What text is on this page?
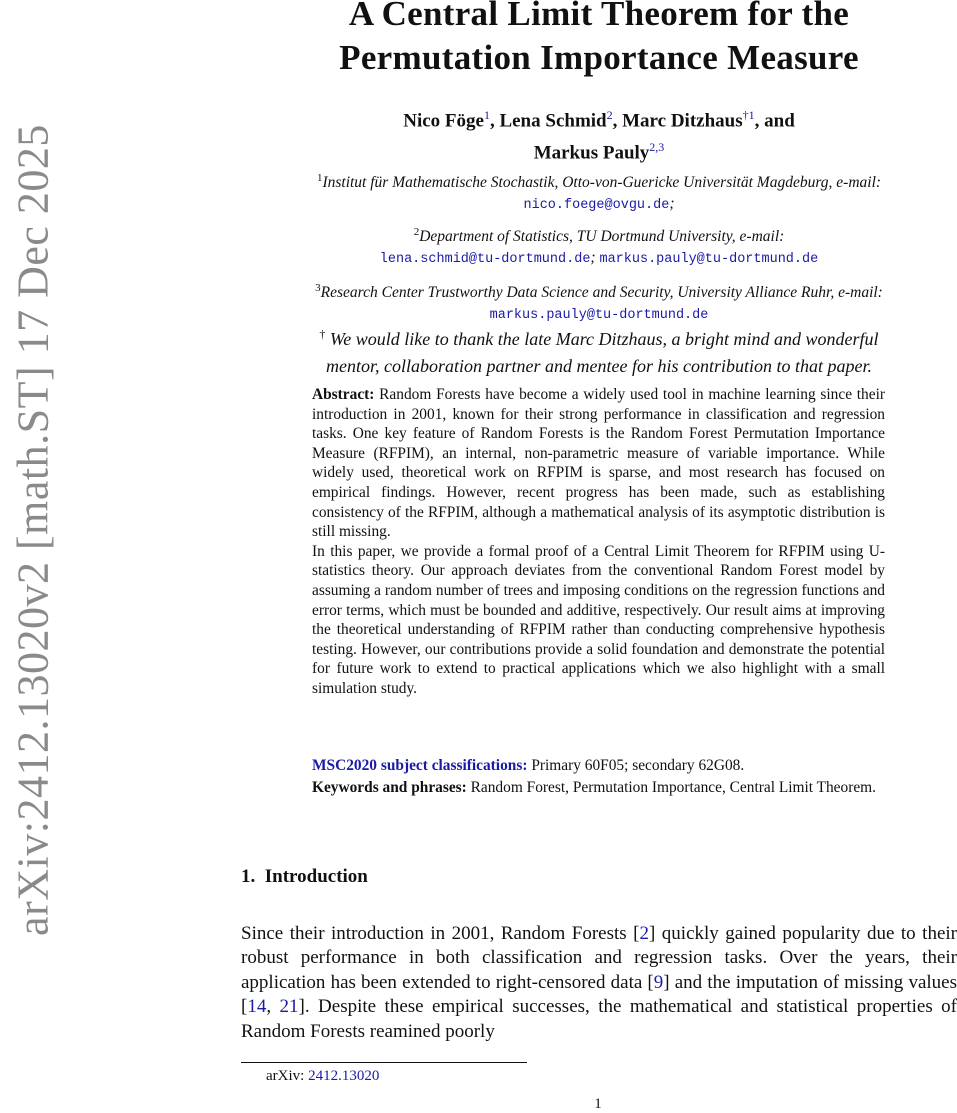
arXiv:2412.13020v2 [math.ST] 17 Dec 2025
A Central Limit Theorem for the
Permutation Importance Measure
Nico Föge$^1$, Lena Schmid$^2$, Marc Ditzhaus$^{\dagger 1}$, and
Markus Pauly$^{2,3}$
$^1$Institut für Mathematische Stochastik, Otto-von-Guericke Universität Magdeburg, e-mail:
nico.foege@ovgu.de;
$^2$Department of Statistics, TU Dortmund University, e-mail:
lena.schmid@tu-dortmund.de; markus.pauly@tu-dortmund.de
$^3$Research Center Trustworthy Data Science and Security, University Alliance Ruhr, e-mail:
markus.pauly@tu-dortmund.de
† We would like to thank the late Marc Ditzhaus, a bright mind and wonderful
mentor, collaboration partner and mentee for his contribution to that paper.

Abstract: Random Forests have become a widely used tool in machine learning since their introduction in 2001, known for their strong performance in classification and regression tasks. One key feature of Random Forests is the Random Forest Permutation Importance Measure (RFPIM), an internal, non-parametric measure of variable importance. While widely used, theoretical work on RFPIM is sparse, and most research has focused on empirical findings. However, recent progress has been made, such as establishing consistency of the RFPIM, although a mathematical analysis of its asymptotic distribution is still missing.

In this paper, we provide a formal proof of a Central Limit Theorem for RFPIM using U-statistics theory. Our approach deviates from the conventional Random Forest model by assuming a random number of trees and imposing conditions on the regression functions and error terms, which must be bounded and additive, respectively. Our result aims at improving the theoretical understanding of RFPIM rather than conducting comprehensive hypothesis testing. However, our contributions provide a solid foundation and demonstrate the potential for future work to extend to practical applications which we also highlight with a small simulation study.

MSC2020 subject classifications: Primary 60F05; secondary 62G08.
Keywords and phrases: Random Forest, Permutation Importance, Central Limit Theorem.
1. Introduction
Since their introduction in 2001, Random Forests [2] quickly gained popularity due to their robust performance in both classification and regression tasks. Over the years, their application has been extended to right-censored data [9] and the imputation of missing values [14, 21]. Despite these empirical successes, the mathematical and statistical properties of Random Forests reamined poorly
arXiv: 2412.13020
1
